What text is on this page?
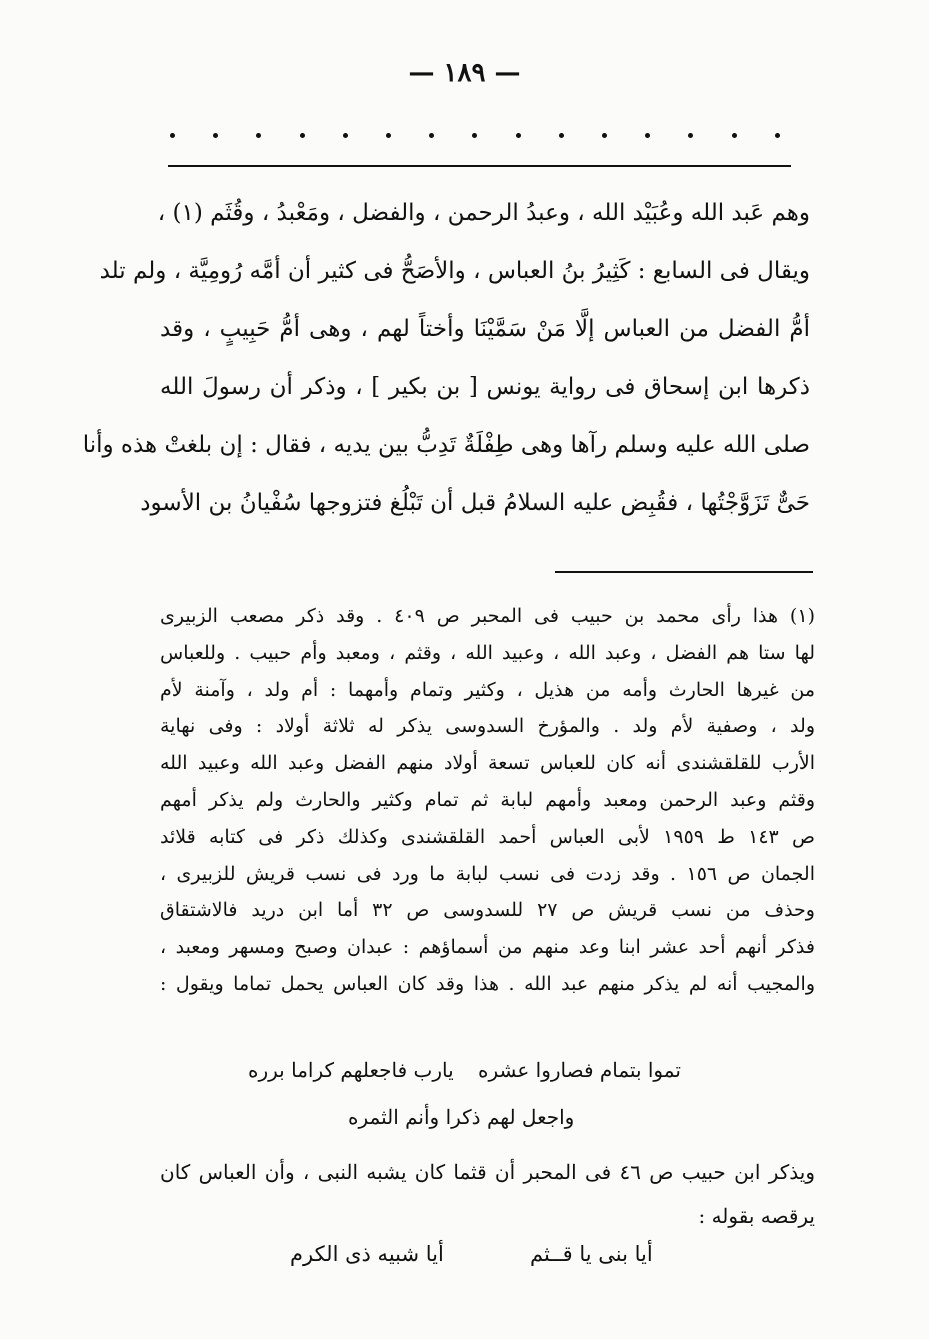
— ١٨٩ —
وهم عَبد الله وعُبَيْد الله ، وعبدُ الرحمن ، والفضل ، ومَعْبدُ ، وقُثَم (١) ،
ويقال فى السابع : كَثِيرُ بنُ العباس ، والأصَحُّ فى كثير أن أمَّه رُومِيَّة ، ولم تلد
أمُّ الفضل من العباس إلَّا مَنْ سَمَّيْنَا وأختاً لهم ، وهى أمُّ حَبِيبٍ ، وقد
ذكرها ابن إسحاق فى رواية يونس [ بن بكير ] ، وذكر أن رسولَ الله
صلى الله عليه وسلم رآها وهى طِفْلَةٌ تَدِبُّ بين يديه ، فقال : إن بلغتْ هذه وأنا
حَىٌّ تَزَوَّجْتُها ، فقُبِض عليه السلامُ قبل أن تَبْلُغ فتزوجها سُفْيانُ بن الأسود
(١) هذا رأى محمد بن حبيب فى المحبر ص ٤٠٩ . وقد ذكر مصعب الزبيرى
لها ستا هم الفضل ، وعبد الله ، وعبيد الله ، وقثم ، ومعبد وأم حبيب . وللعباس
من غيرها الحارث وأمه من هذيل ، وكثير وتمام وأمهما : أم ولد ، وآمنة لأم
ولد ، وصفية لأم ولد . والمؤرخ السدوسى يذكر له ثلاثة أولاد : وفى نهاية
الأرب للقلقشندى أنه كان للعباس تسعة أولاد منهم الفضل وعبد الله وعبيد الله
وقثم وعبد الرحمن ومعبد وأمهم لبابة ثم تمام وكثير والحارث ولم يذكر أمهم
ص ١٤٣ ط ١٩٥٩ لأبى العباس أحمد القلقشندى وكذلك ذكر فى كتابه قلائد
الجمان ص ١٥٦ . وقد زدت فى نسب لبابة ما ورد فى نسب قريش للزبيرى ،
وحذف من نسب قريش ص ٢٧ للسدوسى ص ٣٢ أما ابن دريد فالاشتقاق
فذكر أنهم أحد عشر ابنا وعد منهم من أسماؤهم : عبدان وصبح ومسهر ومعبد ،
والمجيب أنه لم يذكر منهم عبد الله . هذا وقد كان العباس يحمل تماما ويقول :
تموا بتمام فصاروا عشره
يارب فاجعلهم كراما برره
واجعل لهم ذكرا وأنم الثمره
ويذكر ابن حبيب ص ٤٦ فى المحبر أن قثما كان يشبه النبى ، وأن العباس كان
يرقصه بقوله :
أيا بنى يا قــثم
أيا شبيه ذى الكرم
